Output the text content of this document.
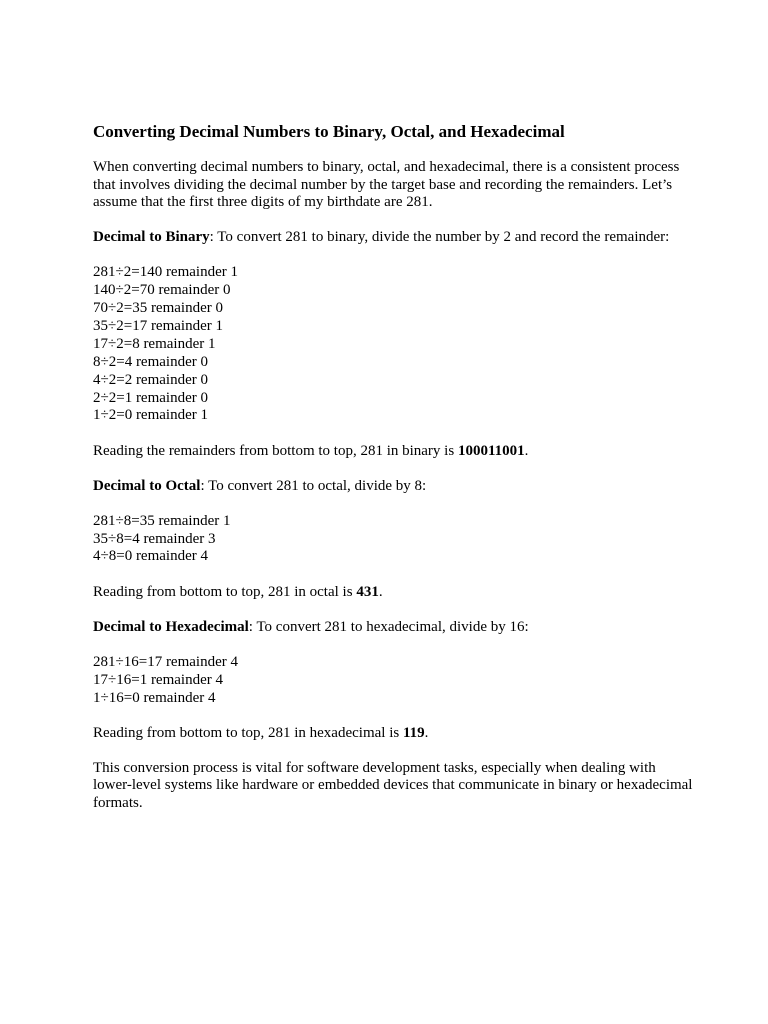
Converting Decimal Numbers to Binary, Octal, and Hexadecimal

When converting decimal numbers to binary, octal, and hexadecimal, there is a consistent process that involves dividing the decimal number by the target base and recording the remainders. Let’s assume that the first three digits of my birthdate are 281.

Decimal to Binary: To convert 281 to binary, divide the number by 2 and record the remainder:

281÷2=140 remainder 1
140÷2=70 remainder 0
70÷2=35 remainder 0
35÷2=17 remainder 1
17÷2=8 remainder 1
8÷2=4 remainder 0
4÷2=2 remainder 0
2÷2=1 remainder 0
1÷2=0 remainder 1

Reading the remainders from bottom to top, 281 in binary is 100011001.

Decimal to Octal: To convert 281 to octal, divide by 8:

281÷8=35 remainder 1
35÷8=4 remainder 3
4÷8=0 remainder 4

Reading from bottom to top, 281 in octal is 431.

Decimal to Hexadecimal: To convert 281 to hexadecimal, divide by 16:

281÷16=17 remainder 4
17÷16=1 remainder 4
1÷16=0 remainder 4

Reading from bottom to top, 281 in hexadecimal is 119.

This conversion process is vital for software development tasks, especially when dealing with lower-level systems like hardware or embedded devices that communicate in binary or hexadecimal formats.
